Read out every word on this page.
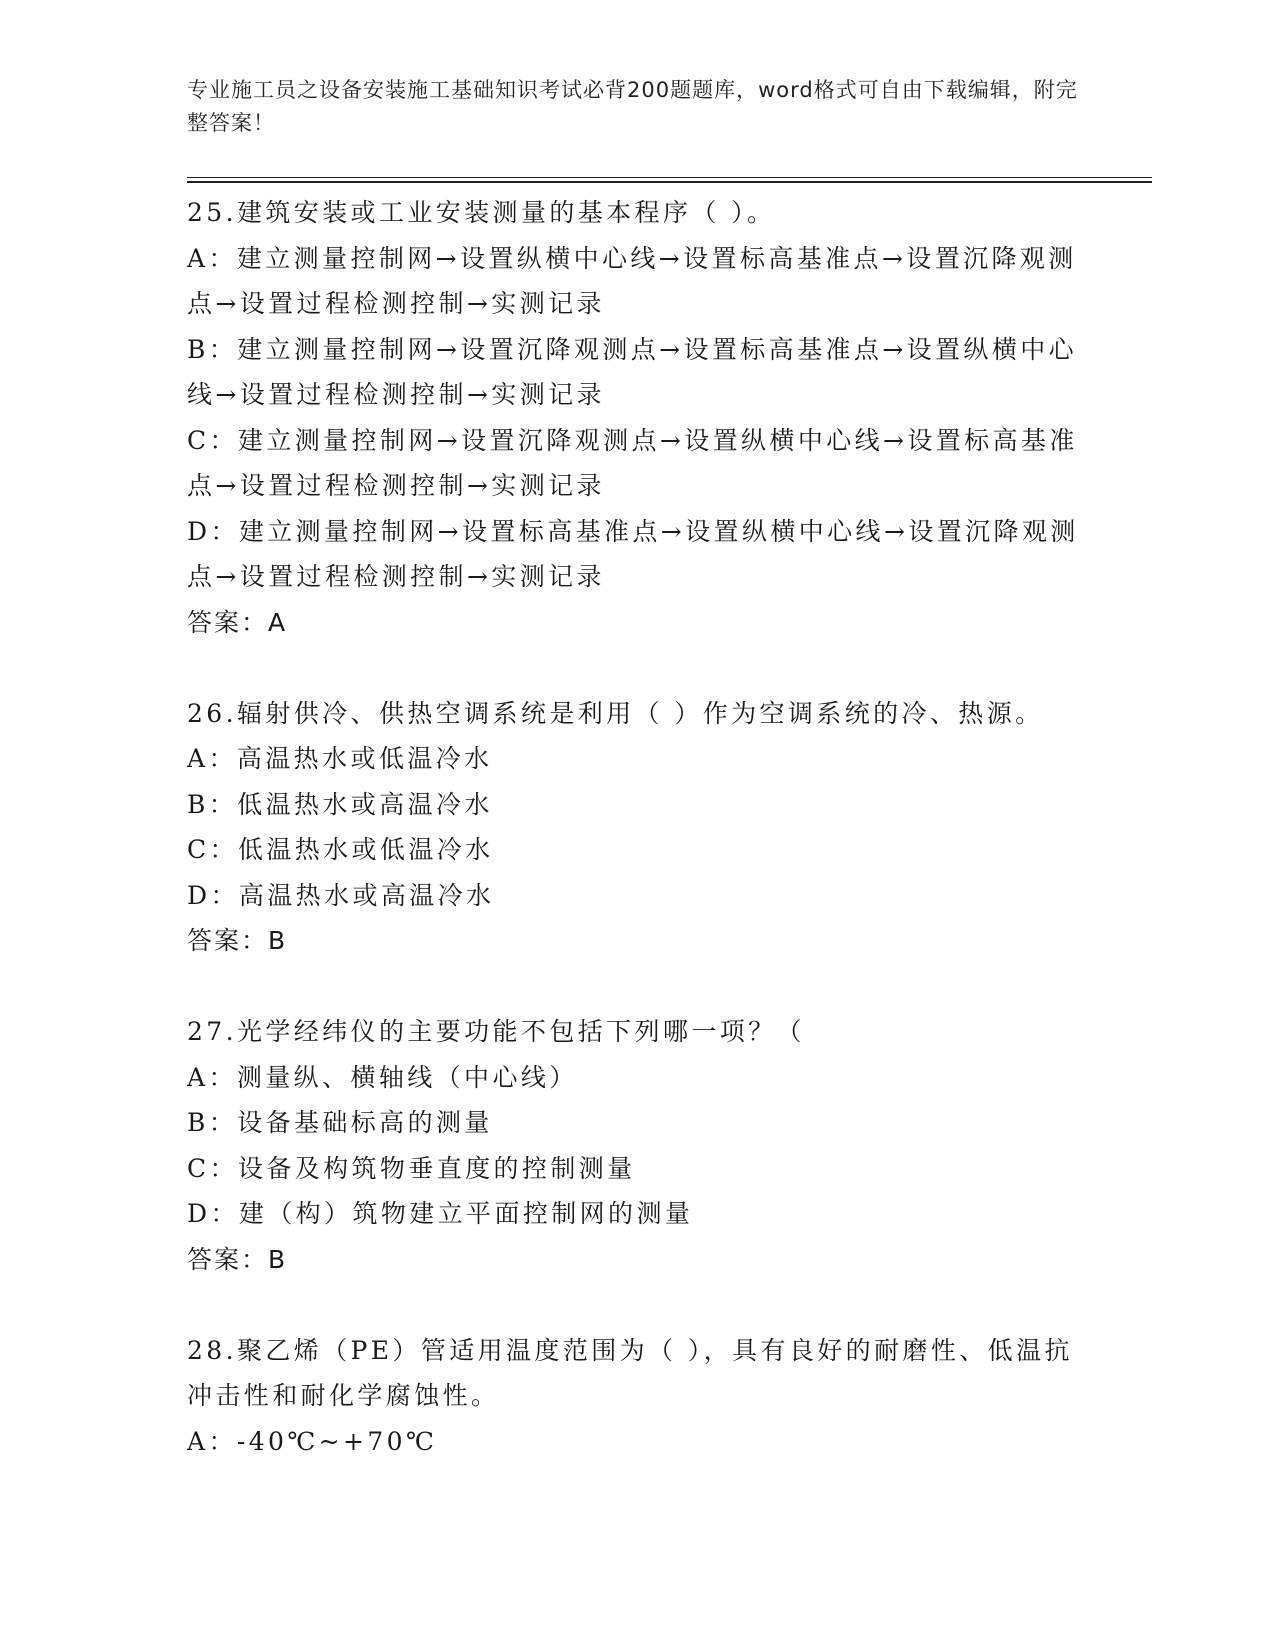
专业施工员之设备安装施工基础知识考试必背200题题库，word格式可自由下载编辑，附完整答案！

25.建筑安装或工业安装测量的基本程序（ ）。

A：建立测量控制网→设置纵横中心线→设置标高基准点→设置沉降观测点→设置过程检测控制→实测记录

B：建立测量控制网→设置沉降观测点→设置标高基准点→设置纵横中心线→设置过程检测控制→实测记录

C：建立测量控制网→设置沉降观测点→设置纵横中心线→设置标高基准点→设置过程检测控制→实测记录

D：建立测量控制网→设置标高基准点→设置纵横中心线→设置沉降观测点→设置过程检测控制→实测记录

答案：A

26.辐射供冷、供热空调系统是利用（ ）作为空调系统的冷、热源。

A：高温热水或低温冷水

B：低温热水或高温冷水

C：低温热水或低温冷水

D：高温热水或高温冷水

答案：B

27.光学经纬仪的主要功能不包括下列哪一项？（

A：测量纵、横轴线（中心线）

B：设备基础标高的测量

C：设备及构筑物垂直度的控制测量

D：建（构）筑物建立平面控制网的测量

答案：B

28.聚乙烯（PE）管适用温度范围为（ ），具有良好的耐磨性、低温抗冲击性和耐化学腐蚀性。

A：-40℃~+70℃
